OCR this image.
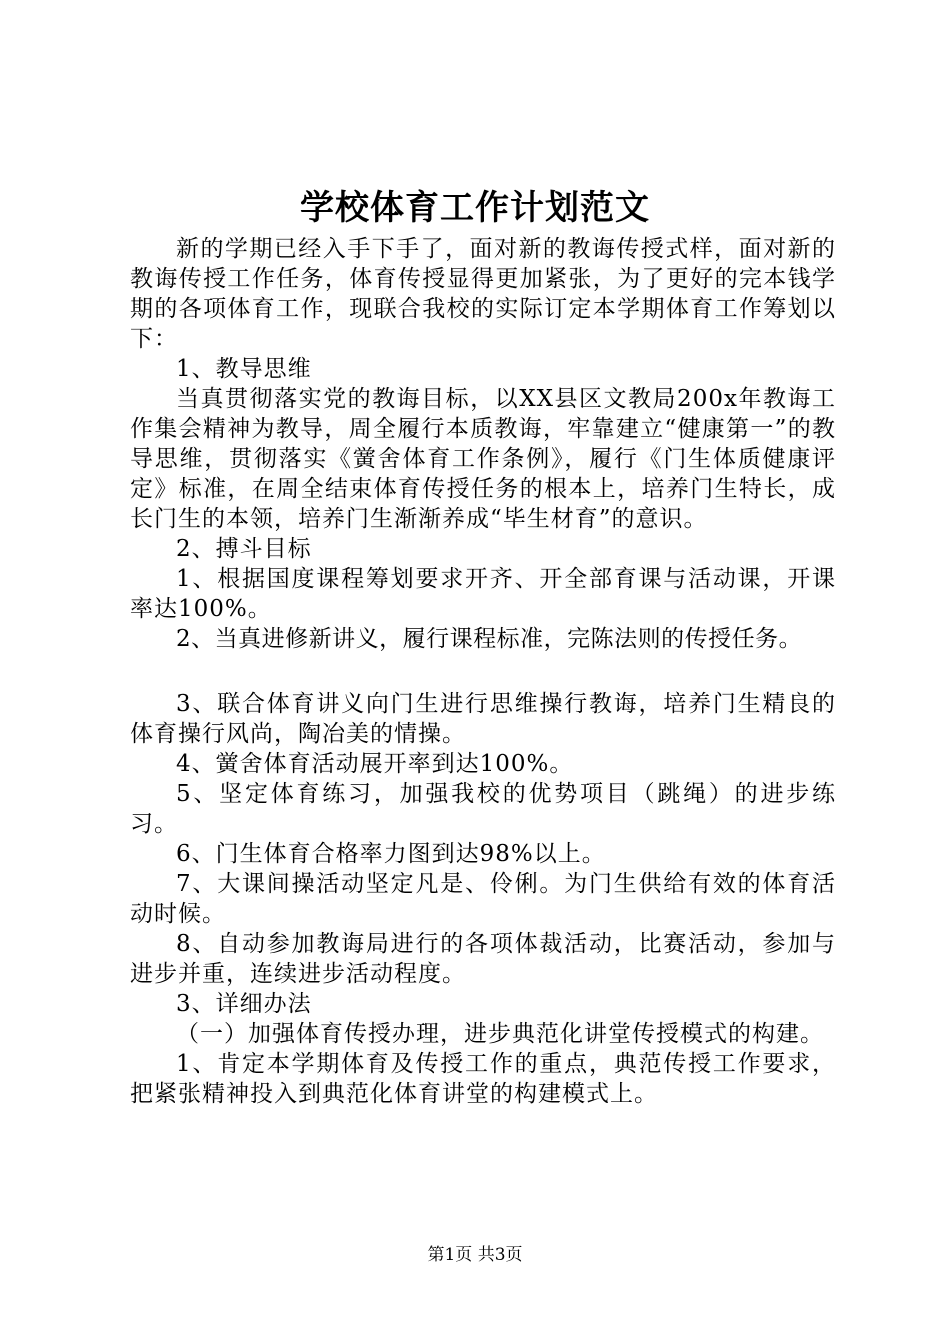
学校体育工作计划范文

新的学期已经入手下手了，面对新的教诲传授式样，面对新的教诲传授工作任务，体育传授显得更加紧张，为了更好的完本钱学期的各项体育工作，现联合我校的实际订定本学期体育工作筹划以下：

1、教导思维

当真贯彻落实党的教诲目标，以XX县区文教局200x年教诲工作集会精神为教导，周全履行本质教诲，牢靠建立“健康第一”的教导思维，贯彻落实《黉舍体育工作条例》，履行《门生体质健康评定》标准，在周全结束体育传授任务的根本上，培养门生特长，成长门生的本领，培养门生渐渐养成“毕生材育”的意识。

2、搏斗目标

1、根据国度课程筹划要求开齐、开全部育课与活动课，开课率达100%。

2、当真进修新讲义，履行课程标准，完陈法则的传授任务。

3、联合体育讲义向门生进行思维操行教诲，培养门生精良的体育操行风尚，陶冶美的情操。

4、黉舍体育活动展开率到达100%。

5、坚定体育练习，加强我校的优势项目（跳绳）的进步练习。

6、门生体育合格率力图到达98%以上。

7、大课间操活动坚定凡是、伶俐。为门生供给有效的体育活动时候。

8、自动参加教诲局进行的各项体裁活动，比赛活动，参加与进步并重，连续进步活动程度。

3、详细办法

（一）加强体育传授办理，进步典范化讲堂传授模式的构建。

1、肯定本学期体育及传授工作的重点，典范传授工作要求，把紧张精神投入到典范化体育讲堂的构建模式上。

第1页 共3页
